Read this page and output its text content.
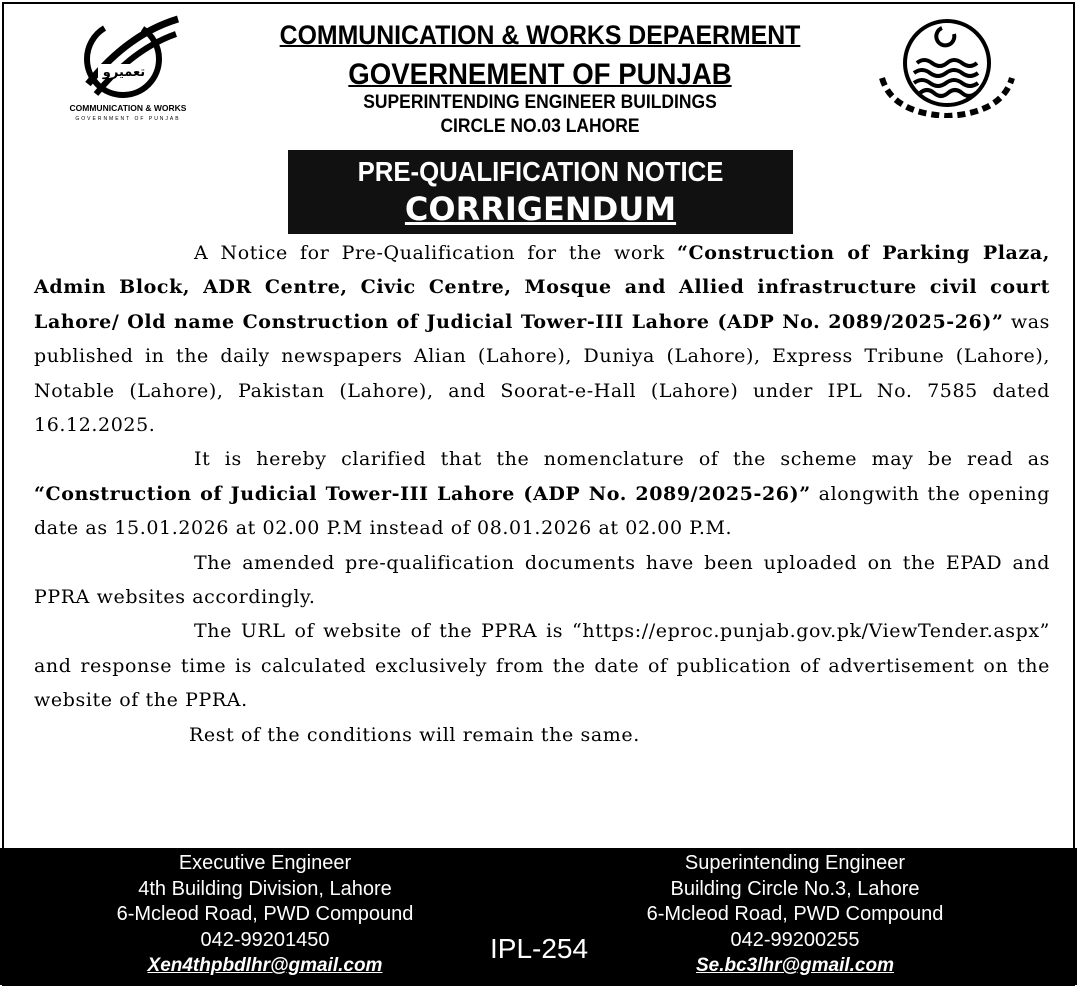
تعمیرو
COMMUNICATION & WORKS
GOVERNMENT OF PUNJAB
COMMUNICATION & WORKS DEPAERMENT
GOVERNEMENT OF PUNJAB
SUPERINTENDING ENGINEER BUILDINGS
CIRCLE NO.03 LAHORE
PRE-QUALIFICATION NOTICE
CORRIGENDUM

A Notice for Pre-Qualification for the work “Construction of Parking Plaza, Admin Block, ADR Centre, Civic Centre, Mosque and Allied infrastructure civil court Lahore/ Old name Construction of Judicial Tower-III Lahore (ADP No. 2089/2025-26)” was published in the daily newspapers Alian (Lahore), Duniya (Lahore), Express Tribune (Lahore), Notable (Lahore), Pakistan (Lahore), and Soorat-e-Hall (Lahore) under IPL No. 7585 dated 16.12.2025.

It is hereby clarified that the nomenclature of the scheme may be read as “Construction of Judicial Tower-III Lahore (ADP No. 2089/2025-26)” alongwith the opening date as 15.01.2026 at 02.00 P.M instead of 08.01.2026 at 02.00 P.M.

The amended pre-qualification documents have been uploaded on the EPAD and PPRA websites accordingly.

The URL of website of the PPRA is “https://eproc.punjab.gov.pk/ViewTender.aspx” and response time is calculated exclusively from the date of publication of advertisement on the website of the PPRA.

Rest of the conditions will remain the same.

Executive Engineer
4th Building Division, Lahore
6-Mcleod Road, PWD Compound
042-99201450
Xen4thpbdlhr@gmail.com
IPL-254
Superintending Engineer
Building Circle No.3, Lahore
6-Mcleod Road, PWD Compound
042-99200255
Se.bc3lhr@gmail.com
